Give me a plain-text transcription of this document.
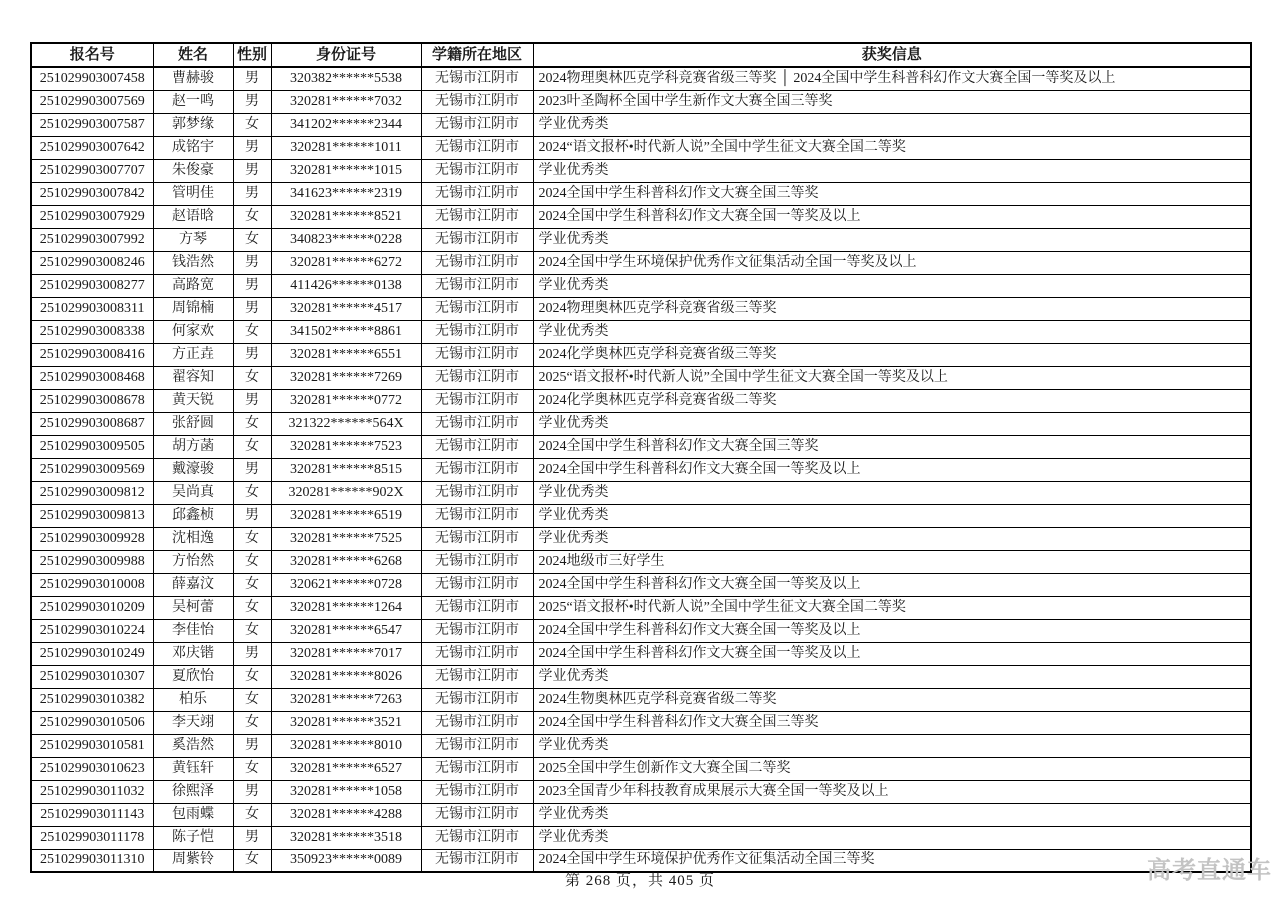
报名号	姓名	性别	身份证号	学籍所在地区	获奖信息
251029903007458	曹赫骏	男	320382******5538	无锡市江阴市	2024物理奥林匹克学科竞赛省级三等奖 │ 2024全国中学生科普科幻作文大赛全国一等奖及以上
251029903007569	赵一鸣	男	320281******7032	无锡市江阴市	2023叶圣陶杯全国中学生新作文大赛全国三等奖
251029903007587	郭梦缘	女	341202******2344	无锡市江阴市	学业优秀类
251029903007642	成铭宇	男	320281******1011	无锡市江阴市	2024“语文报杯•时代新人说”全国中学生征文大赛全国二等奖
251029903007707	朱俊豪	男	320281******1015	无锡市江阴市	学业优秀类
251029903007842	管明佳	男	341623******2319	无锡市江阴市	2024全国中学生科普科幻作文大赛全国三等奖
251029903007929	赵语晗	女	320281******8521	无锡市江阴市	2024全国中学生科普科幻作文大赛全国一等奖及以上
251029903007992	方琴	女	340823******0228	无锡市江阴市	学业优秀类
251029903008246	钱浩然	男	320281******6272	无锡市江阴市	2024全国中学生环境保护优秀作文征集活动全国一等奖及以上
251029903008277	高路宽	男	411426******0138	无锡市江阴市	学业优秀类
251029903008311	周锦楠	男	320281******4517	无锡市江阴市	2024物理奥林匹克学科竞赛省级三等奖
251029903008338	何家欢	女	341502******8861	无锡市江阴市	学业优秀类
251029903008416	方正垚	男	320281******6551	无锡市江阴市	2024化学奥林匹克学科竞赛省级三等奖
251029903008468	翟容知	女	320281******7269	无锡市江阴市	2025“语文报杯•时代新人说”全国中学生征文大赛全国一等奖及以上
251029903008678	黄天锐	男	320281******0772	无锡市江阴市	2024化学奥林匹克学科竞赛省级二等奖
251029903008687	张舒圆	女	321322******564X	无锡市江阴市	学业优秀类
251029903009505	胡方菡	女	320281******7523	无锡市江阴市	2024全国中学生科普科幻作文大赛全国三等奖
251029903009569	戴濠骏	男	320281******8515	无锡市江阴市	2024全国中学生科普科幻作文大赛全国一等奖及以上
251029903009812	吴尚真	女	320281******902X	无锡市江阴市	学业优秀类
251029903009813	邱鑫桢	男	320281******6519	无锡市江阴市	学业优秀类
251029903009928	沈相逸	女	320281******7525	无锡市江阴市	学业优秀类
251029903009988	方怡然	女	320281******6268	无锡市江阴市	2024地级市三好学生
251029903010008	薛嘉汶	女	320621******0728	无锡市江阴市	2024全国中学生科普科幻作文大赛全国一等奖及以上
251029903010209	吴柯蕾	女	320281******1264	无锡市江阴市	2025“语文报杯•时代新人说”全国中学生征文大赛全国二等奖
251029903010224	李佳怡	女	320281******6547	无锡市江阴市	2024全国中学生科普科幻作文大赛全国一等奖及以上
251029903010249	邓庆锴	男	320281******7017	无锡市江阴市	2024全国中学生科普科幻作文大赛全国一等奖及以上
251029903010307	夏欣怡	女	320281******8026	无锡市江阴市	学业优秀类
251029903010382	柏乐	女	320281******7263	无锡市江阴市	2024生物奥林匹克学科竞赛省级二等奖
251029903010506	李天翊	女	320281******3521	无锡市江阴市	2024全国中学生科普科幻作文大赛全国三等奖
251029903010581	奚浩然	男	320281******8010	无锡市江阴市	学业优秀类
251029903010623	黄钰轩	女	320281******6527	无锡市江阴市	2025全国中学生创新作文大赛全国二等奖
251029903011032	徐熙泽	男	320281******1058	无锡市江阴市	2023全国青少年科技教育成果展示大赛全国一等奖及以上
251029903011143	包雨蝶	女	320281******4288	无锡市江阴市	学业优秀类
251029903011178	陈子恺	男	320281******3518	无锡市江阴市	学业优秀类
251029903011310	周紫铃	女	350923******0089	无锡市江阴市	2024全国中学生环境保护优秀作文征集活动全国三等奖
第 268 页，共 405 页	高考直通车
